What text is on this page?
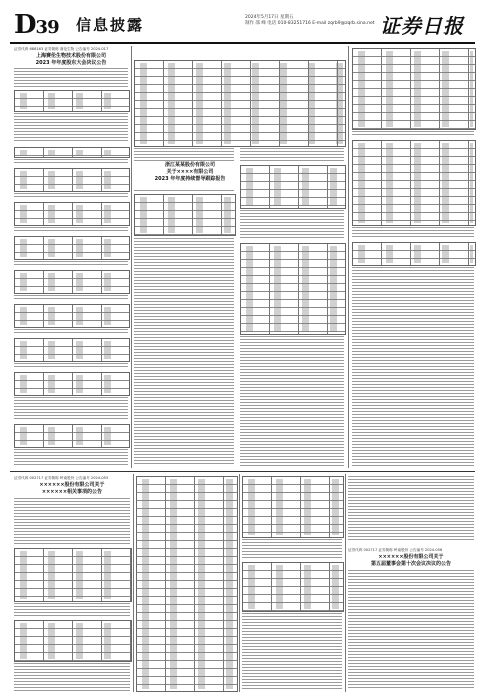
D39 信息披露	2024年5月17日 星期五
制作 邵 峰 电话 010-83251716 E-mail zqrb9@zqrb.sina.net 证券日报
证券代码 688163 证券简称 赛伦生物 公告编号 2024-017
上海赛伦生物技术股份有限公司
2023 年年度股东大会决议公告
浙江某某股份有限公司
关于××××有限公司
2023 年年度持续督导跟踪报告
证券代码 002717 证券简称 岭南股份 公告编号 2024-055
××××××股份有限公司关于
××××××相关事项的公告
证券代码 002717 证券简称 岭南股份 公告编号 2024-056
××××××股份有限公司关于
第五届董事会第十次会议决议的公告
